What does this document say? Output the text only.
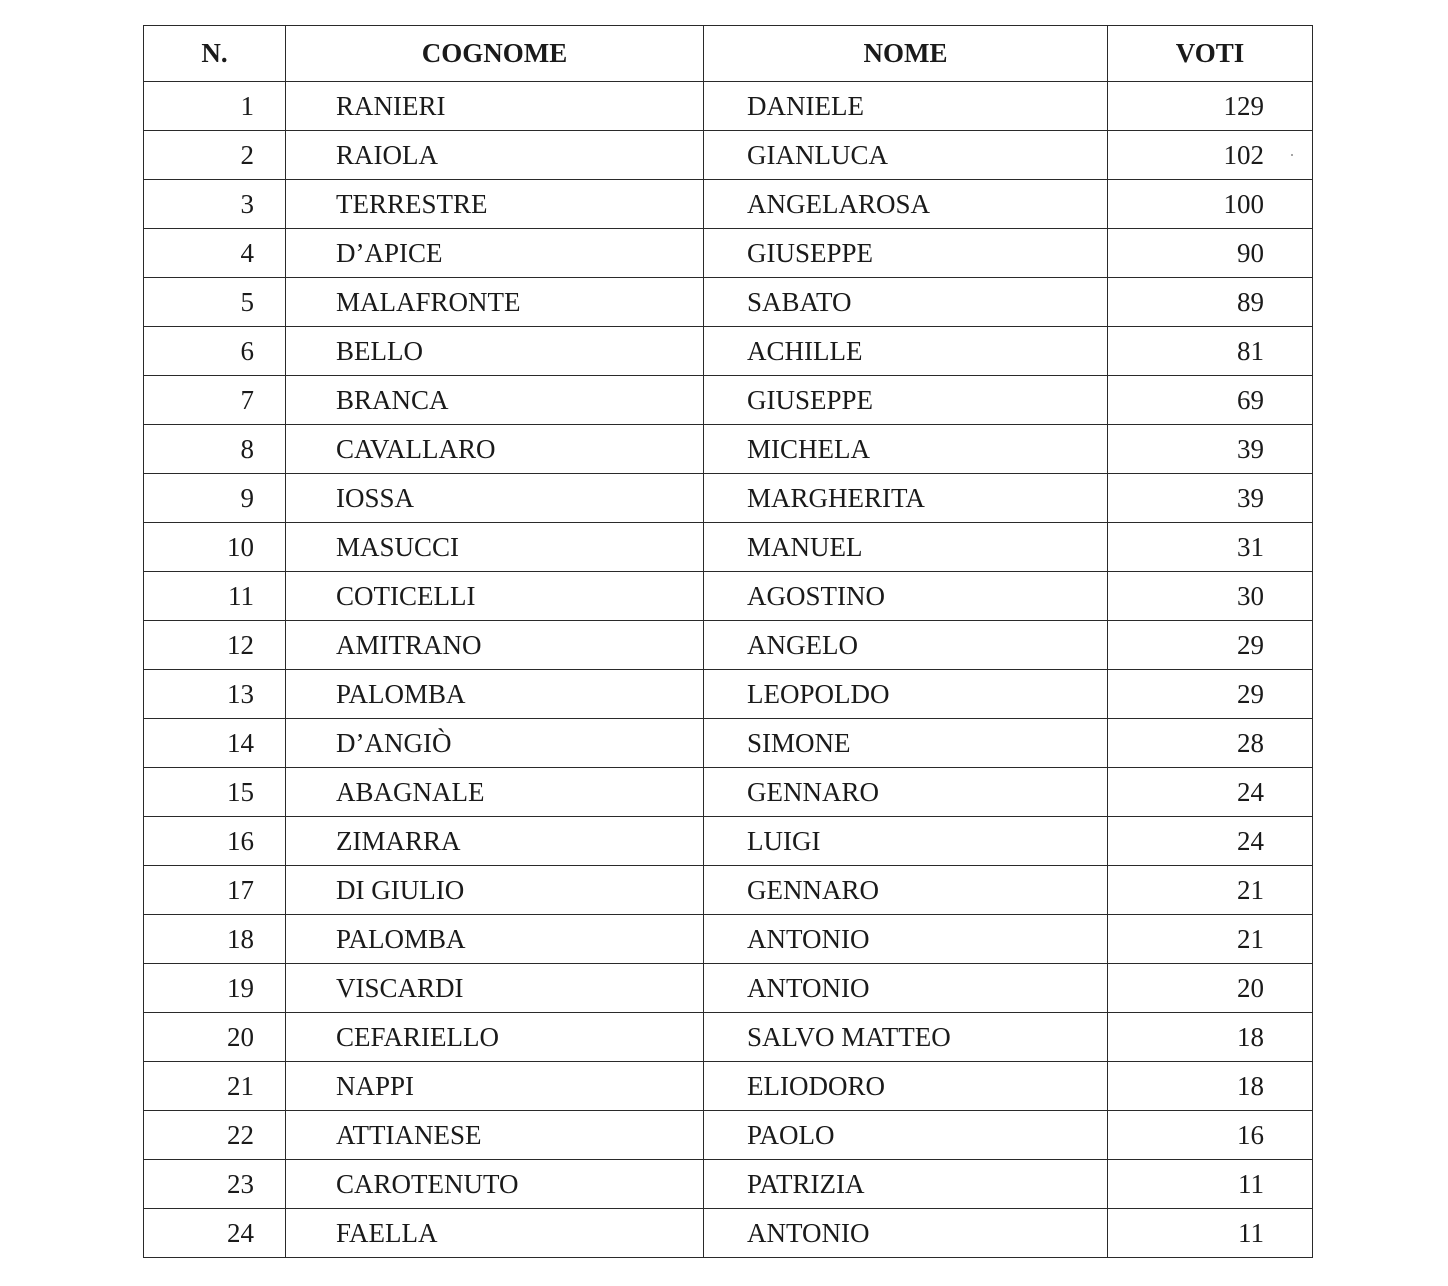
N.	COGNOME	NOME	VOTI
1	RANIERI	DANIELE	129
2	RAIOLA	GIANLUCA	102
3	TERRESTRE	ANGELAROSA	100
4	D’APICE	GIUSEPPE	90
5	MALAFRONTE	SABATO	89
6	BELLO	ACHILLE	81
7	BRANCA	GIUSEPPE	69
8	CAVALLARO	MICHELA	39
9	IOSSA	MARGHERITA	39
10	MASUCCI	MANUEL	31
11	COTICELLI	AGOSTINO	30
12	AMITRANO	ANGELO	29
13	PALOMBA	LEOPOLDO	29
14	D’ANGIÒ	SIMONE	28
15	ABAGNALE	GENNARO	24
16	ZIMARRA	LUIGI	24
17	DI GIULIO	GENNARO	21
18	PALOMBA	ANTONIO	21
19	VISCARDI	ANTONIO	20
20	CEFARIELLO	SALVO MATTEO	18
21	NAPPI	ELIODORO	18
22	ATTIANESE	PAOLO	16
23	CAROTENUTO	PATRIZIA	11
24	FAELLA	ANTONIO	11
